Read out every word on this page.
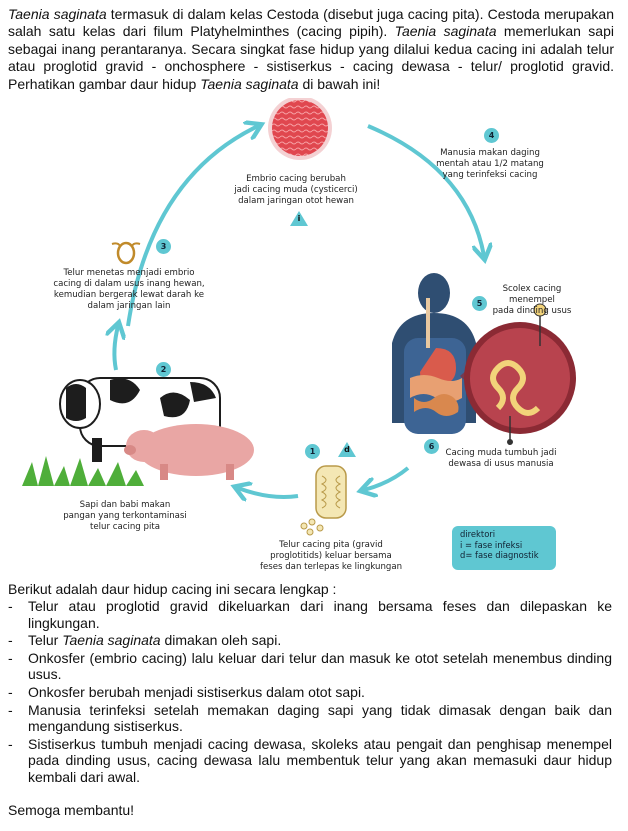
Taenia saginata termasuk di dalam kelas Cestoda (disebut juga cacing pita). Cestoda merupakan salah satu kelas dari filum Platyhelminthes (cacing pipih). Taenia saginata memerlukan sapi sebagai inang perantaranya. Secara singkat fase hidup yang dilalui kedua cacing ini adalah telur atau proglotid gravid - onchosphere - sistiserkus - cacing dewasa - telur/ proglotid gravid. Perhatikan gambar daur hidup Taenia saginata di bawah ini!

Embrio cacing berubah
jadi cacing muda (cysticerci)
dalam jaringan otot hewan
i
4
Manusia makan daging
mentah atau 1/2 matang
yang terinfeksi cacing
3
Telur menetas menjadi embrio
cacing di dalam usus inang hewan,
kemudian bergerak lewat darah ke
dalam jaringan lain	5
Scolex cacing
menempel
pada dinding usus
2
6
Cacing muda tumbuh jadi
dewasa di usus manusia
1	d
Sapi dan babi makan
pangan yang terkontaminasi
telur cacing pita
Telur cacing pita (gravid
proglotitids) keluar bersama
feses dan terlepas ke lingkungan
direktori
i = fase infeksi
d= fase diagnostik

Berikut adalah daur hidup cacing ini secara lengkap :

- Telur atau proglotid gravid dikeluarkan dari inang bersama feses dan dilepaskan ke lingkungan.
- Telur Taenia saginata dimakan oleh sapi.
- Onkosfer (embrio cacing) lalu keluar dari telur dan masuk ke otot setelah menembus dinding usus.
- Onkosfer berubah menjadi sistiserkus dalam otot sapi.
- Manusia terinfeksi setelah memakan daging sapi yang tidak dimasak dengan baik dan mengandung sistiserkus.
- Sistiserkus tumbuh menjadi cacing dewasa, skoleks atau pengait dan penghisap menempel pada dinding usus, cacing dewasa lalu membentuk telur yang akan memasuki daur hidup kembali dari awal.

Semoga membantu!
